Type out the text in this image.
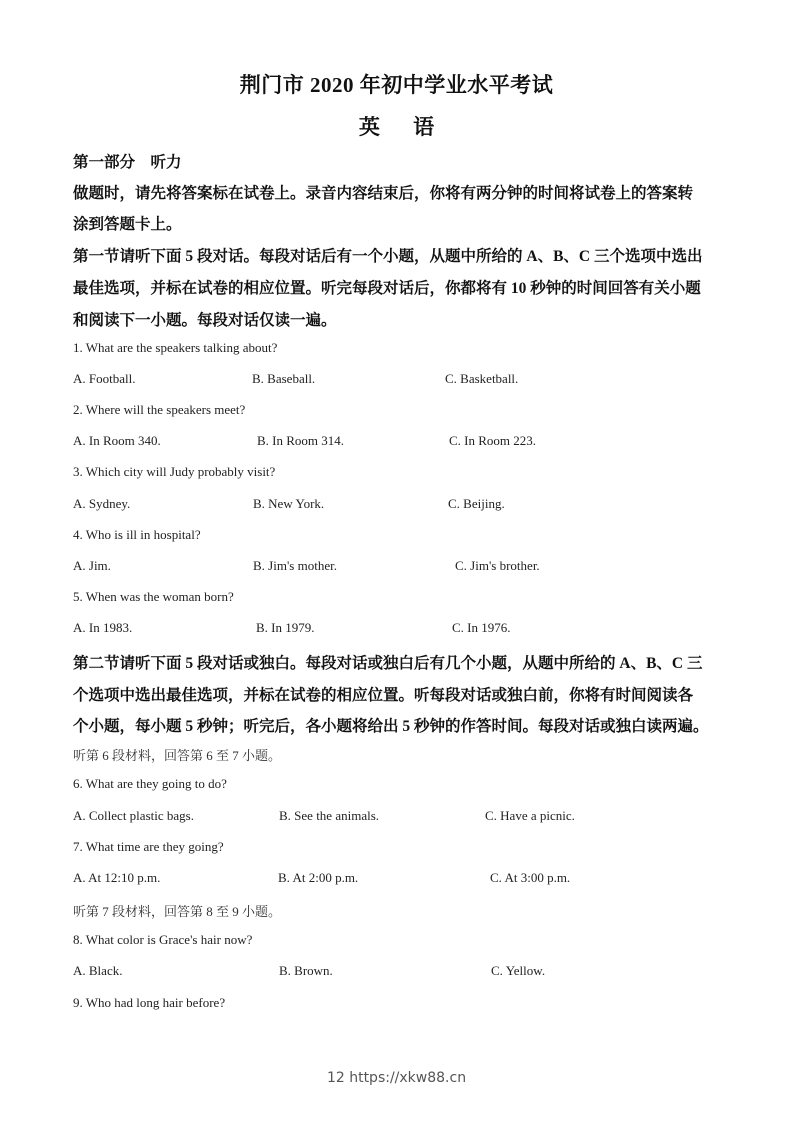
荆门市 2020 年初中学业水平考试
英 语
第一部分　听力
做题时，请先将答案标在试卷上。录音内容结束后，你将有两分钟的时间将试卷上的答案转
涂到答题卡上。
第一节请听下面 5 段对话。每段对话后有一个小题，从题中所给的 A、B、C 三个选项中选出
最佳选项，并标在试卷的相应位置。听完每段对话后，你都将有 10 秒钟的时间回答有关小题
和阅读下一小题。每段对话仅读一遍。
1. What are the speakers talking about?
A. Football.	B. Baseball.	C. Basketball.
2. Where will the speakers meet?
A. In Room 340.	B. In Room 314.	C. In Room 223.
3. Which city will Judy probably visit?
A. Sydney.	B. New York.	C. Beijing.
4. Who is ill in hospital?
A. Jim.	B. Jim's mother.	C. Jim's brother.
5. When was the woman born?
A. In 1983.	B. In 1979.	C. In 1976.
第二节请听下面 5 段对话或独白。每段对话或独白后有几个小题，从题中所给的 A、B、C 三
个选项中选出最佳选项，并标在试卷的相应位置。听每段对话或独白前，你将有时间阅读各
个小题，每小题 5 秒钟；听完后，各小题将给出 5 秒钟的作答时间。每段对话或独白读两遍。
听第 6 段材料，回答第 6 至 7 小题。
6. What are they going to do?
A. Collect plastic bags.	B. See the animals.	C. Have a picnic.
7. What time are they going?
A. At 12:10 p.m.	B. At 2:00 p.m.	C. At 3:00 p.m.
听第 7 段材料，回答第 8 至 9 小题。
8. What color is Grace's hair now?
A. Black.	B. Brown.	C. Yellow.
9. Who had long hair before?
12 https://xkw88.cn
